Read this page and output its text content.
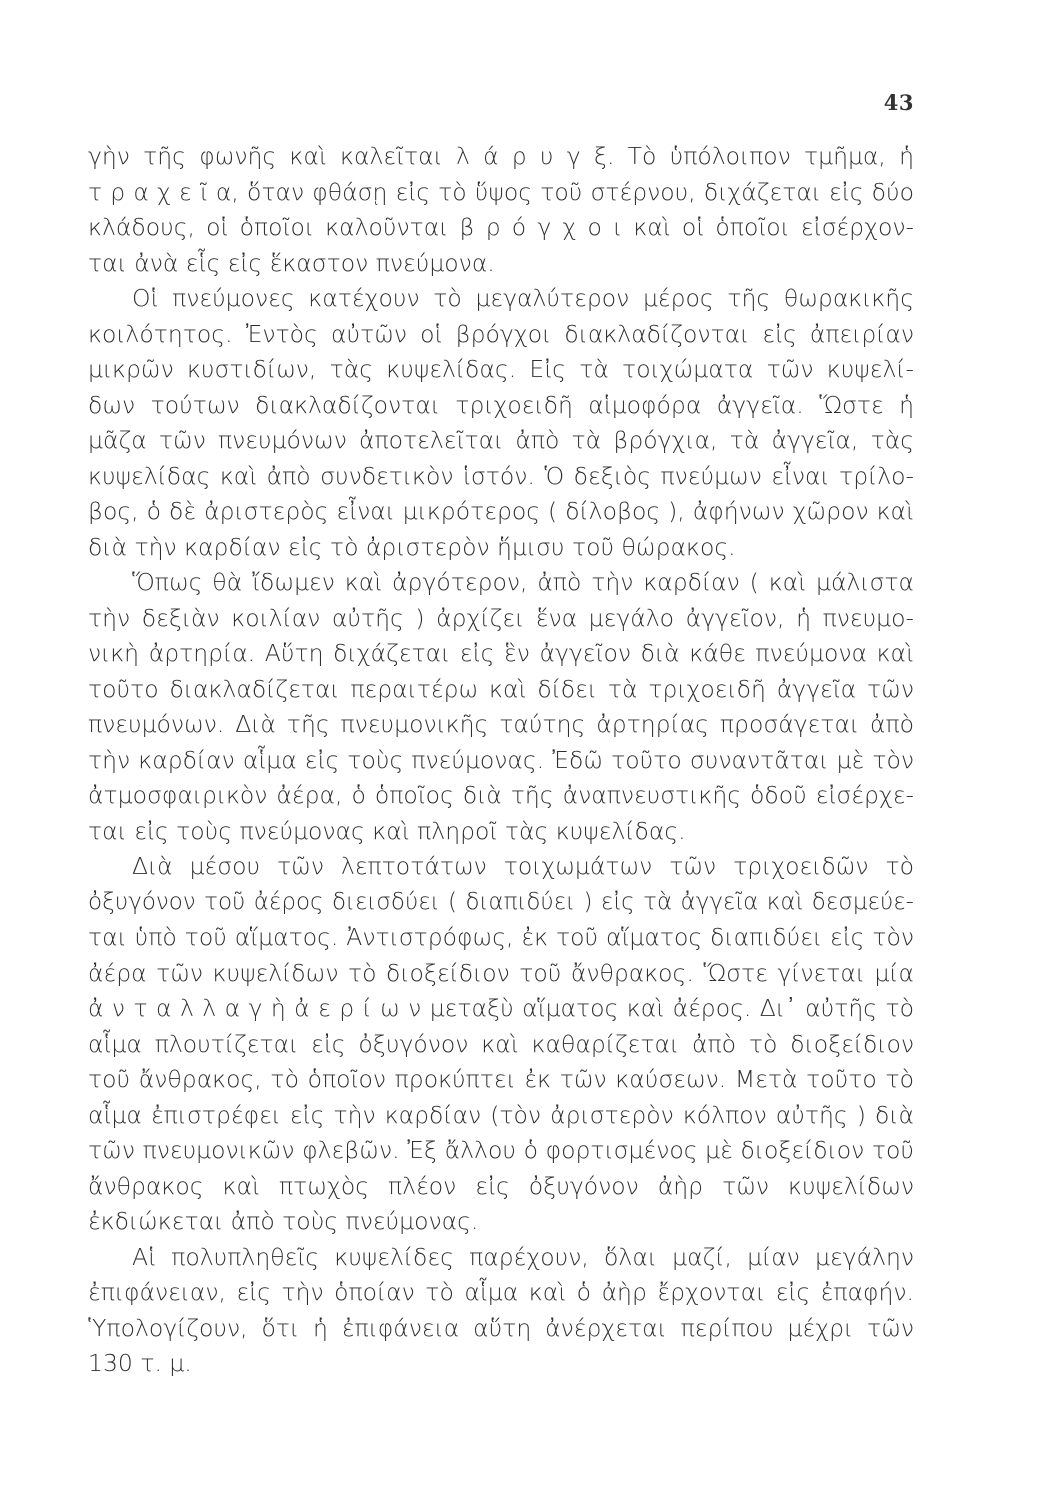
43
γὴν τῆς φωνῆς καὶ καλεῖται λ ά ρ υ γ ξ. Τὸ ὑπόλοιπον τμῆμα, ἡ
τ ρ α χ ε ῖ α, ὅταν φθάσῃ εἰς τὸ ὕψος τοῦ στέρνου, διχάζεται εἰς δύο
κλάδους, οἱ ὁποῖοι καλοῦνται β ρ ό γ χ ο ι καὶ οἱ ὁποῖοι εἰσέρχον-
ται ἀνὰ εἷς εἰς ἕκαστον πνεύμονα.
Οἱ πνεύμονες κατέχουν τὸ μεγαλύτερον μέρος τῆς θωρακικῆς
κοιλότητος. Ἐντὸς αὐτῶν οἱ βρόγχοι διακλαδίζονται εἰς ἀπειρίαν
μικρῶν κυστιδίων, τὰς κυψελίδας. Εἰς τὰ τοιχώματα τῶν κυψελί-
δων τούτων διακλαδίζονται τριχοειδῆ αἱμοφόρα ἀγγεῖα. Ὥστε ἡ
μᾶζα τῶν πνευμόνων ἀποτελεῖται ἀπὸ τὰ βρόγχια, τὰ ἀγγεῖα, τὰς
κυψελίδας καὶ ἀπὸ συνδετικὸν ἱστόν. Ὁ δεξιὸς πνεύμων εἶναι τρίλο-
βος, ὁ δὲ ἀριστερὸς εἶναι μικρότερος ( δίλοβος ), ἀφήνων χῶρον καὶ
διὰ τὴν καρδίαν εἰς τὸ ἀριστερὸν ἥμισυ τοῦ θώρακος.
Ὅπως θὰ ἴδωμεν καὶ ἀργότερον, ἀπὸ τὴν καρδίαν ( καὶ μάλιστα
τὴν δεξιὰν κοιλίαν αὐτῆς ) ἀρχίζει ἕνα μεγάλο ἀγγεῖον, ἡ πνευμο-
νικὴ ἀρτηρία. Αὕτη διχάζεται εἰς ἓν ἀγγεῖον διὰ κάθε πνεύμονα καὶ
τοῦτο διακλαδίζεται περαιτέρω καὶ δίδει τὰ τριχοειδῆ ἀγγεῖα τῶν
πνευμόνων. Διὰ τῆς πνευμονικῆς ταύτης ἀρτηρίας προσάγεται ἀπὸ
τὴν καρδίαν αἷμα εἰς τοὺς πνεύμονας. Ἐδῶ τοῦτο συναντᾶται μὲ τὸν
ἀτμοσφαιρικὸν ἀέρα, ὁ ὁποῖος διὰ τῆς ἀναπνευστικῆς ὁδοῦ εἰσέρχε-
ται εἰς τοὺς πνεύμονας καὶ πληροῖ τὰς κυψελίδας.
Διὰ μέσου τῶν λεπτοτάτων τοιχωμάτων τῶν τριχοειδῶν τὸ
ὀξυγόνον τοῦ ἀέρος διεισδύει ( διαπιδύει ) εἰς τὰ ἀγγεῖα καὶ δεσμεύε-
ται ὑπὸ τοῦ αἵματος. Ἀντιστρόφως, ἐκ τοῦ αἵματος διαπιδύει εἰς τὸν
ἀέρα τῶν κυψελίδων τὸ διοξείδιον τοῦ ἄνθρακος. Ὥστε γίνεται μία
ἀ ν τ α λ λ α γ ὴ ἀ ε ρ ί ω ν μεταξὺ αἵματος καὶ ἀέρος. Δι᾿ αὐτῆς τὸ
αἷμα πλουτίζεται εἰς ὀξυγόνον καὶ καθαρίζεται ἀπὸ τὸ διοξείδιον
τοῦ ἄνθρακος, τὸ ὁποῖον προκύπτει ἐκ τῶν καύσεων. Μετὰ τοῦτο τὸ
αἷμα ἐπιστρέφει εἰς τὴν καρδίαν (τὸν ἀριστερὸν κόλπον αὐτῆς ) διὰ
τῶν πνευμονικῶν φλεβῶν. Ἐξ ἄλλου ὁ φορτισμένος μὲ διοξείδιον τοῦ
ἄνθρακος καὶ πτωχὸς πλέον εἰς ὀξυγόνον ἀὴρ τῶν κυψελίδων
ἐκδιώκεται ἀπὸ τοὺς πνεύμονας.
Αἱ πολυπληθεῖς κυψελίδες παρέχουν, ὅλαι μαζί, μίαν μεγάλην
ἐπιφάνειαν, εἰς τὴν ὁποίαν τὸ αἷμα καὶ ὁ ἀὴρ ἔρχονται εἰς ἐπαφήν.
Ὑπολογίζουν, ὅτι ἡ ἐπιφάνεια αὕτη ἀνέρχεται περίπου μέχρι τῶν
130 τ. μ.
